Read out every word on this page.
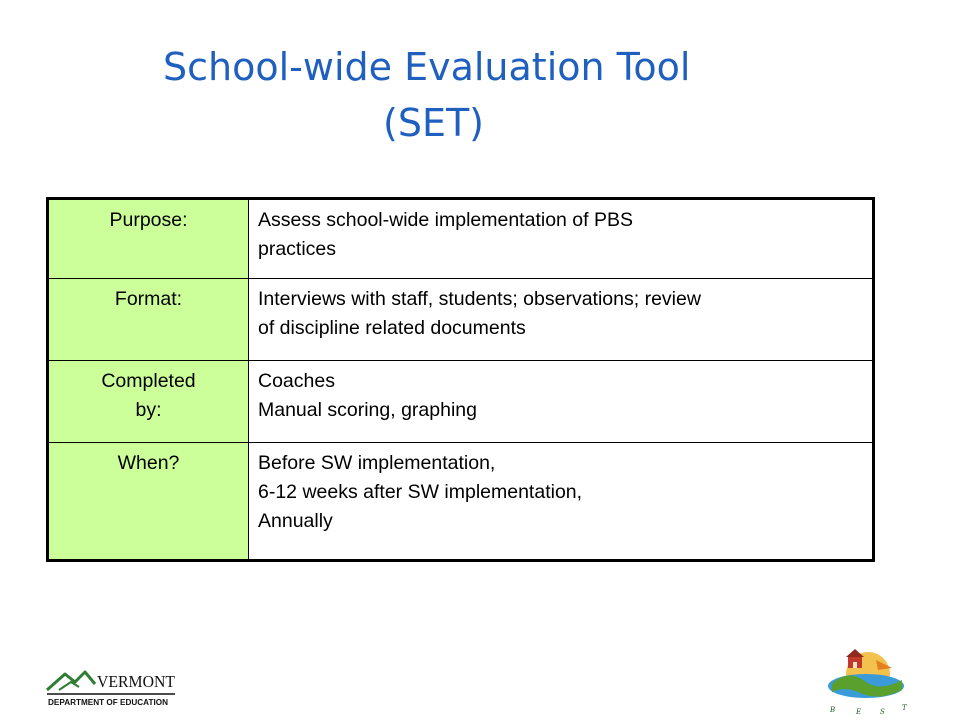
School-wide Evaluation Tool
(SET)
Purpose:	Assess school-wide implementation of PBS
practices

Format:	Interviews with staff, students; observations; review
of discipline related documents

Completed
by:	Coaches
Manual scoring, graphing

When?	Before SW implementation,
6-12 weeks after SW implementation,
Annually
VERMONT
DEPARTMENT OF EDUCATION
B	E	S T
